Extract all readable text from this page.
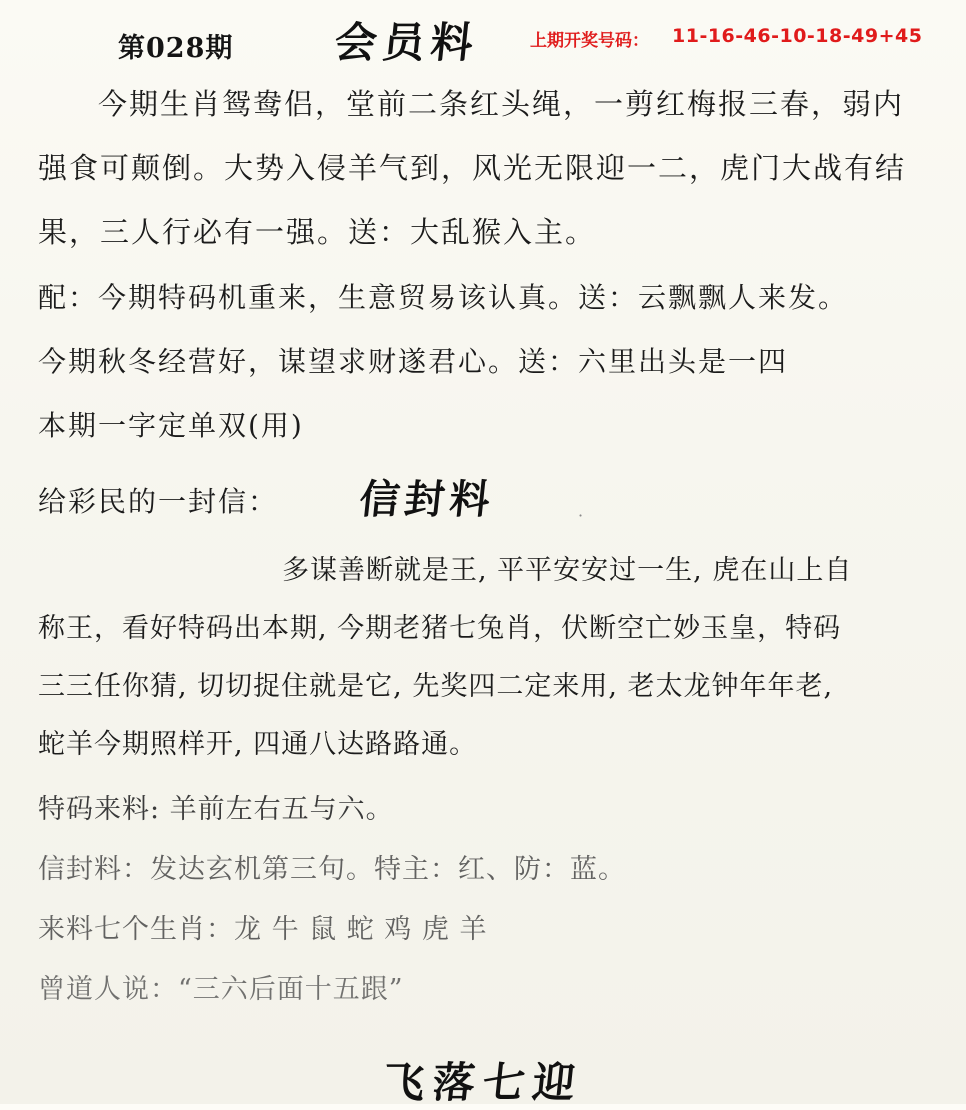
第028期 会员料	上期开奖号码： 11-16-46-10-18-49+45
今期生肖鸳鸯侣，堂前二条红头绳，一剪红梅报三春，弱内
强食可颠倒。大势入侵羊气到，风光无限迎一二，虎门大战有结
果，三人行必有一强。送：大乱猴入主。
配：今期特码机重来，生意贸易该认真。送：云飘飘人来发。
今期秋冬经营好，谋望求财遂君心。送：六里出头是一四
本期一字定单双(用)
给彩民的一封信： 信封料	·
多谋善断就是王, 平平安安过一生, 虎在山上自
称王，看好特码出本期, 今期老猪七兔肖，伏断空亡妙玉皇，特码
三三任你猜, 切切捉住就是它, 先奖四二定来用, 老太龙钟年年老,
蛇羊今期照样开, 四通八达路路通。
特码来料: 羊前左右五与六。
信封料：发达玄机第三句。特主：红、防：蓝。
来料七个生肖：龙 牛 鼠 蛇 鸡 虎 羊
曾道人说：“三六后面十五跟”
飞落七迎
